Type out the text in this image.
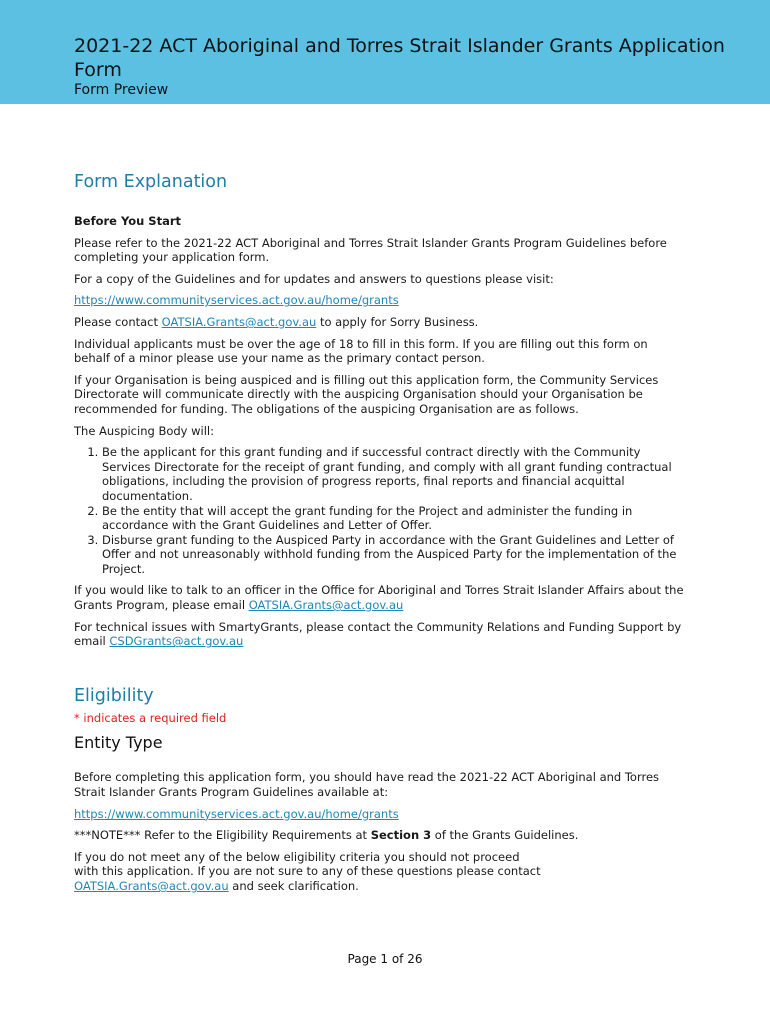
2021-22 ACT Aboriginal and Torres Strait Islander Grants Application Form
Form Preview
Form Explanation

Before You Start

Please refer to the 2021-22 ACT Aboriginal and Torres Strait Islander Grants Program Guidelines before completing your application form.

For a copy of the Guidelines and for updates and answers to questions please visit:

https://www.communityservices.act.gov.au/home/grants

Please contact OATSIA.Grants@act.gov.au to apply for Sorry Business.

Individual applicants must be over the age of 18 to fill in this form. If you are filling out this form on behalf of a minor please use your name as the primary contact person.

If your Organisation is being auspiced and is filling out this application form, the Community Services Directorate will communicate directly with the auspicing Organisation should your Organisation be recommended for funding. The obligations of the auspicing Organisation are as follows.

The Auspicing Body will:

1. Be the applicant for this grant funding and if successful contract directly with the Community Services Directorate for the receipt of grant funding, and comply with all grant funding contractual obligations, including the provision of progress reports, final reports and financial acquittal documentation.
2. Be the entity that will accept the grant funding for the Project and administer the funding in accordance with the Grant Guidelines and Letter of Offer.
3. Disburse grant funding to the Auspiced Party in accordance with the Grant Guidelines and Letter of Offer and not unreasonably withhold funding from the Auspiced Party for the implementation of the Project.

If you would like to talk to an officer in the Office for Aboriginal and Torres Strait Islander Affairs about the Grants Program, please email OATSIA.Grants@act.gov.au

For technical issues with SmartyGrants, please contact the Community Relations and Funding Support by email CSDGrants@act.gov.au

Eligibility

* indicates a required field

Entity Type

Before completing this application form, you should have read the 2021-22 ACT Aboriginal and Torres Strait Islander Grants Program Guidelines available at:

https://www.communityservices.act.gov.au/home/grants

***NOTE*** Refer to the Eligibility Requirements at Section 3 of the Grants Guidelines.

If you do not meet any of the below eligibility criteria you should not proceed
with this application. If you are not sure to any of these questions please contact
OATSIA.Grants@act.gov.au and seek clarification.

Page 1 of 26
